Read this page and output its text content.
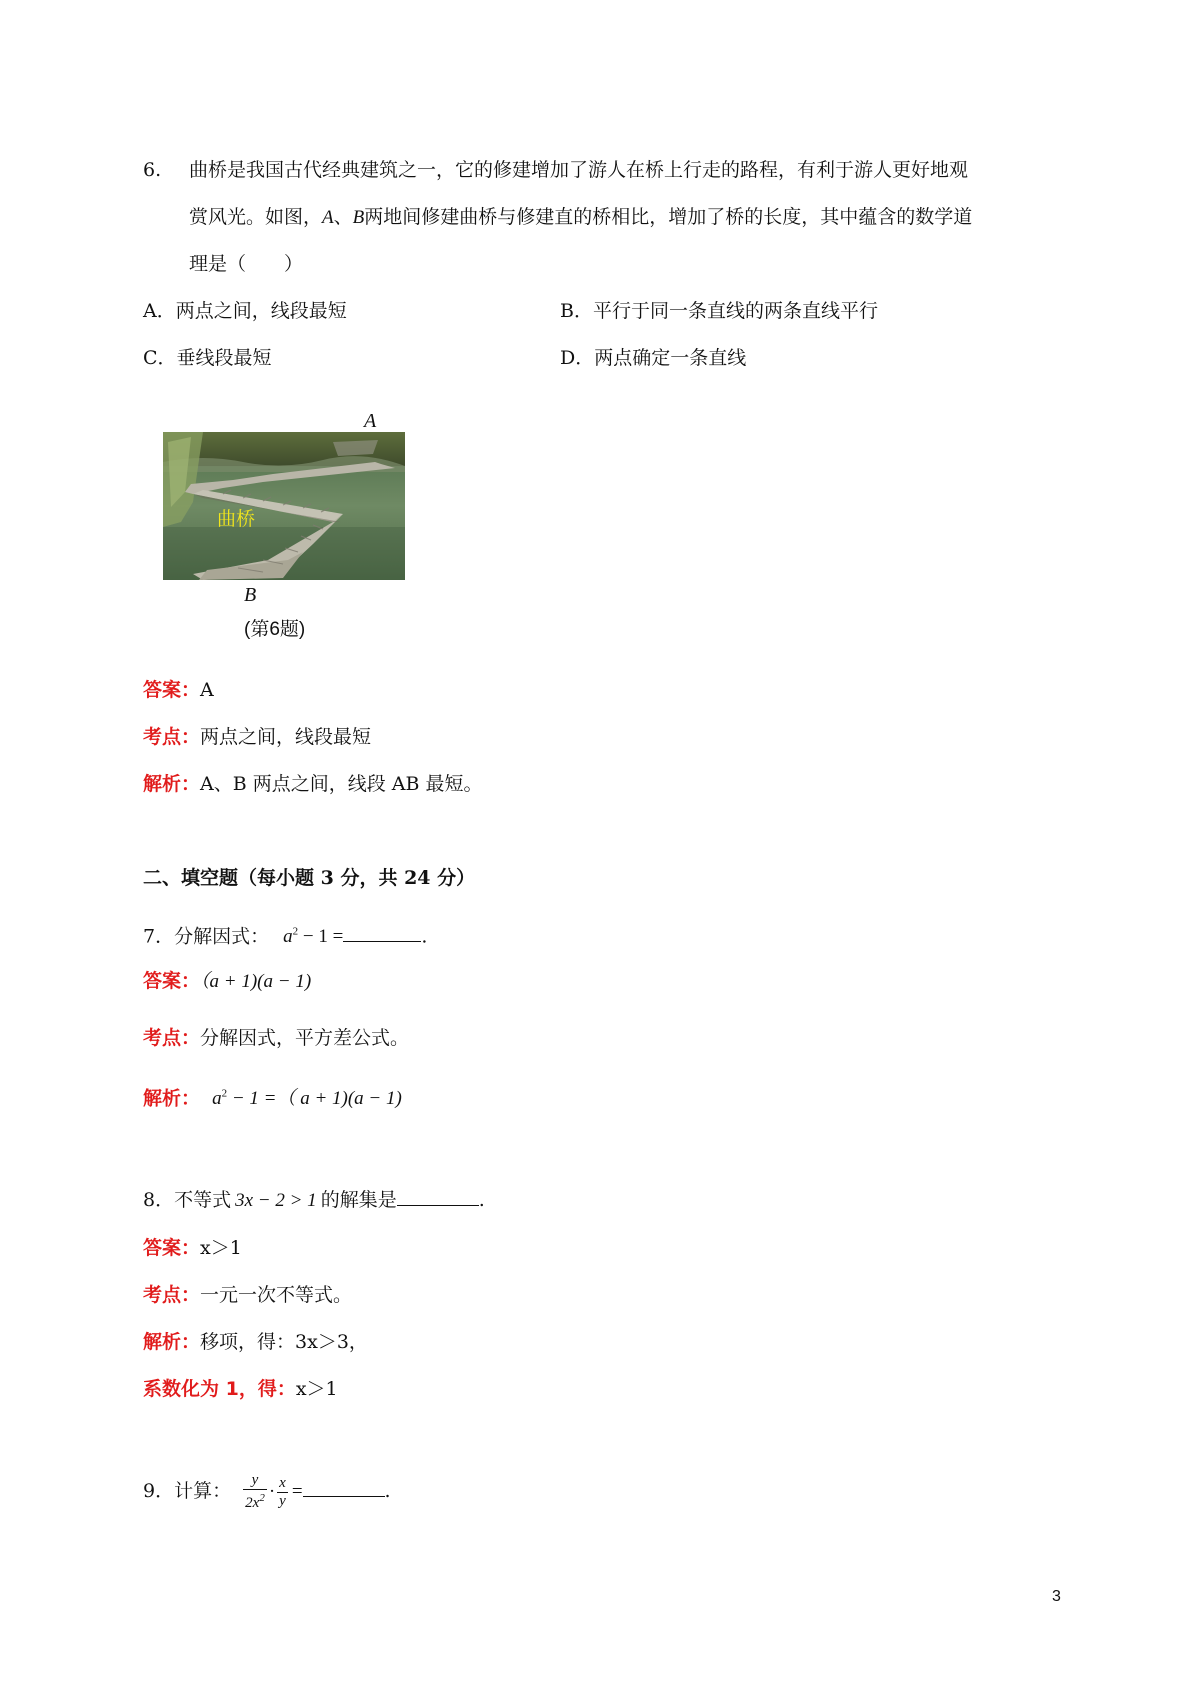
6. 曲桥是我国古代经典建筑之一，它的修建增加了游人在桥上行走的路程，有利于游人更好地观
赏风光。如图，A、B两地间修建曲桥与修建直的桥相比，增加了桥的长度，其中蕴含的数学道
理是（　　）
A．两点之间，线段最短	B．平行于同一条直线的两条直线平行
C．垂线段最短	D．两点确定一条直线
A
曲桥
B
(第6题)
答案：A
考点：两点之间，线段最短
解析：A、B 两点之间，线段 AB 最短。
二、填空题（每小题 3 分，共 24 分）
7．分解因式： $a^2 - 1$ =	.
答案：（a + 1)(a − 1)
考点：分解因式，平方差公式。
解析： $a^2 - 1$ =（ a + 1)(a − 1)
8．不等式 3x − 2 > 1 的解集是	.
答案：x＞1
考点：一元一次不等式。
解析：移项，得：3x＞3，
系数化为 1，得：x＞1
9．计算： $\frac{y}{2x^2} \cdot \frac{x}{y}$ =	.
3
